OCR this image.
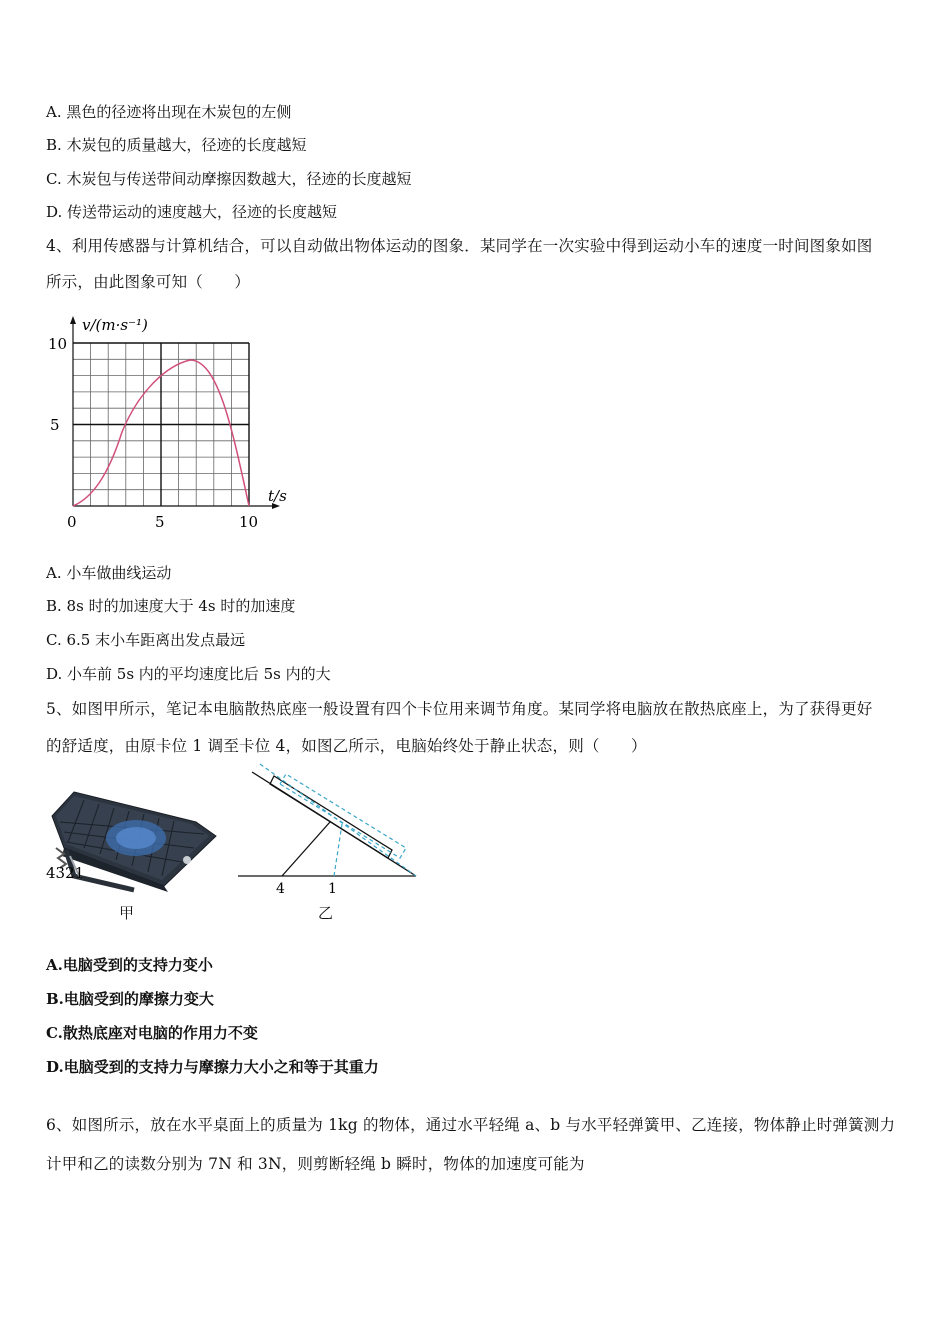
A. 黑色的径迹将出现在木炭包的左侧
B. 木炭包的质量越大，径迹的长度越短
C. 木炭包与传送带间动摩擦因数越大，径迹的长度越短
D. 传送带运动的速度越大，径迹的长度越短
4、利用传感器与计算机结合，可以自动做出物体运动的图象．某同学在一次实验中得到运动小车的速度一时间图象如图
所示，由此图象可知（　　）
v/(m·s⁻¹)
t/s
10
5
0	5	10
A. 小车做曲线运动
B. 8s 时的加速度大于 4s 时的加速度
C. 6.5 末小车距离出发点最远
D. 小车前 5s 内的平均速度比后 5s 内的大
5、如图甲所示，笔记本电脑散热底座一般设置有四个卡位用来调节角度。某同学将电脑放在散热底座上，为了获得更好
的舒适度，由原卡位 1 调至卡位 4，如图乙所示，电脑始终处于静止状态，则（　　）
4321
甲
4	1
乙
A.电脑受到的支持力变小
B.电脑受到的摩擦力变大
C.散热底座对电脑的作用力不变
D.电脑受到的支持力与摩擦力大小之和等于其重力
6、如图所示，放在水平桌面上的质量为 1kg 的物体，通过水平轻绳 a、b 与水平轻弹簧甲、乙连接，物体静止时弹簧测力
计甲和乙的读数分别为 7N 和 3N，则剪断轻绳 b 瞬时，物体的加速度可能为
